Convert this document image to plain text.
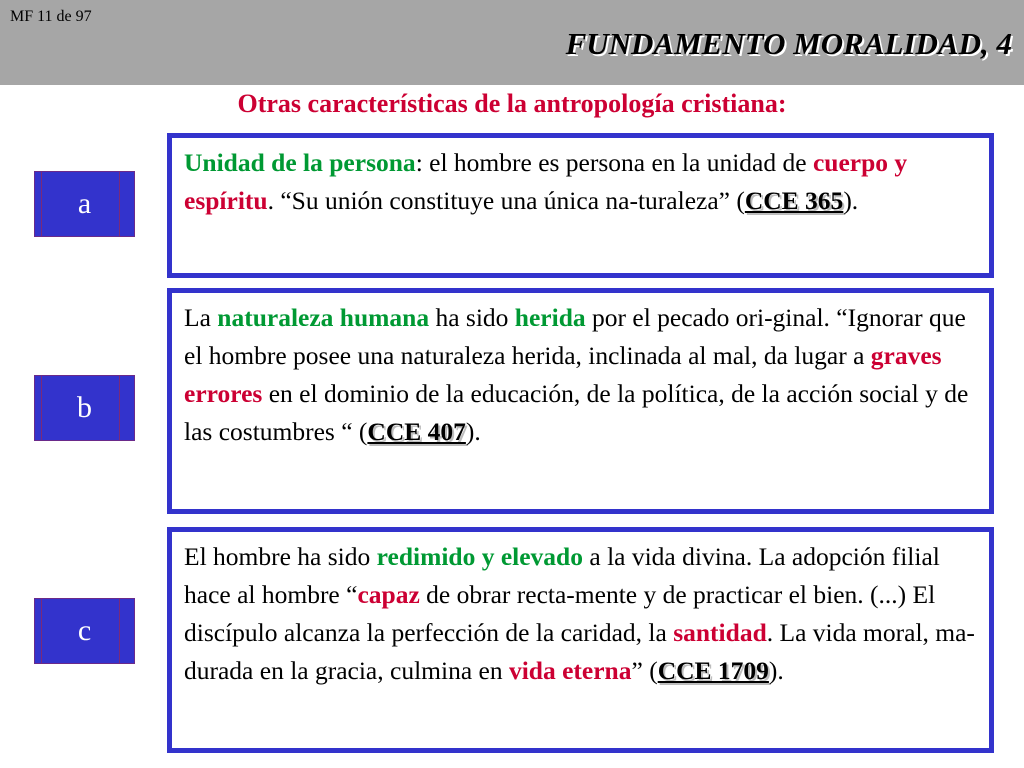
MF 11 de 97
FUNDAMENTO MORALIDAD, 4
Otras características de la antropología cristiana:
a
Unidad de la persona: el hombre es persona en la unidad de cuerpo y espíritu. “Su unión constituye una única na-turaleza” (CCE 365).
b
La naturaleza humana ha sido herida por el pecado ori-ginal. “Ignorar que el hombre posee una naturaleza herida, inclinada al mal, da lugar a graves errores en el dominio de la educación, de la política, de la acción social y de las costumbres “ (CCE 407).
c
El hombre ha sido redimido y elevado a la vida divina. La adopción filial hace al hombre “capaz de obrar recta-mente y de practicar el bien. (...) El discípulo alcanza la perfección de la caridad, la santidad. La vida moral, ma-durada en la gracia, culmina en vida eterna” (CCE 1709).
